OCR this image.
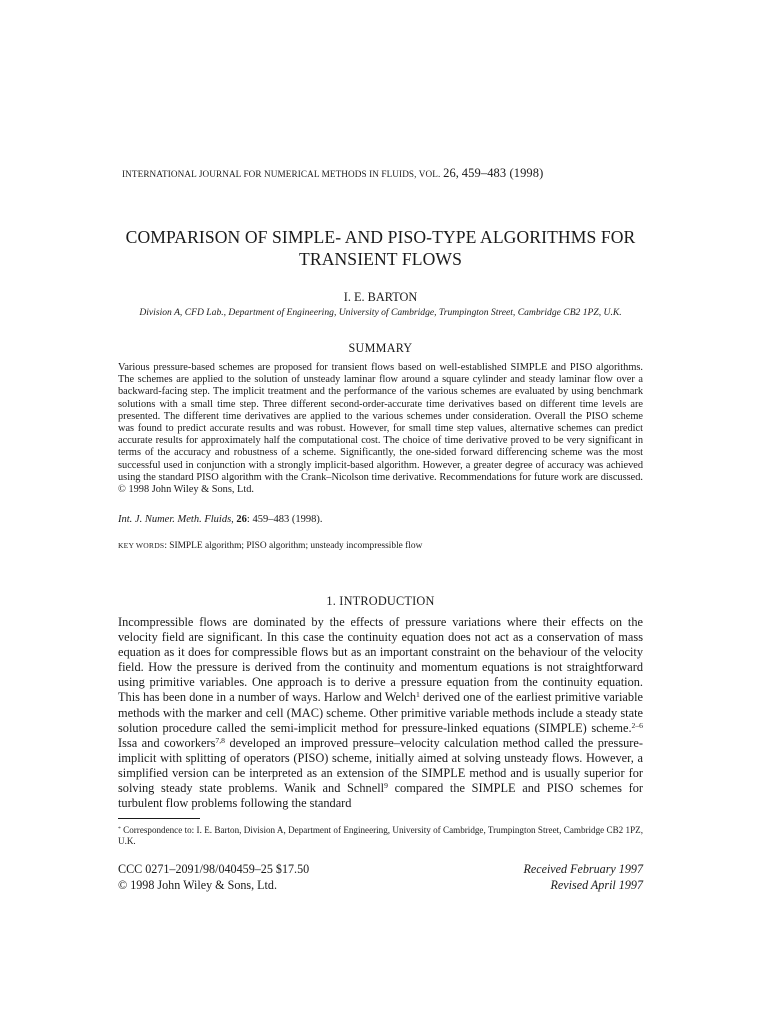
INTERNATIONAL JOURNAL FOR NUMERICAL METHODS IN FLUIDS, VOL. 26, 459–483 (1998)
COMPARISON OF SIMPLE- AND PISO-TYPE ALGORITHMS FOR
TRANSIENT FLOWS
I. E. BARTON
Division A, CFD Lab., Department of Engineering, University of Cambridge, Trumpington Street, Cambridge CB2 1PZ, U.K.
SUMMARY
Various pressure-based schemes are proposed for transient flows based on well-established SIMPLE and PISO algorithms. The schemes are applied to the solution of unsteady laminar flow around a square cylinder and steady laminar flow over a backward-facing step. The implicit treatment and the performance of the various schemes are evaluated by using benchmark solutions with a small time step. Three different second-order-accurate time derivatives based on different time levels are presented. The different time derivatives are applied to the various schemes under consideration. Overall the PISO scheme was found to predict accurate results and was robust. However, for small time step values, alternative schemes can predict accurate results for approximately half the computational cost. The choice of time derivative proved to be very significant in terms of the accuracy and robustness of a scheme. Significantly, the one-sided forward differencing scheme was the most successful used in conjunction with a strongly implicit-based algorithm. However, a greater degree of accuracy was achieved using the standard PISO algorithm with the Crank–Nicolson time derivative. Recommendations for future work are discussed. © 1998 John Wiley & Sons, Ltd.
Int. J. Numer. Meth. Fluids, 26: 459–483 (1998).
KEY WORDS: SIMPLE algorithm; PISO algorithm; unsteady incompressible flow
1. INTRODUCTION

Incompressible flows are dominated by the effects of pressure variations where their effects on the velocity field are significant. In this case the continuity equation does not act as a conservation of mass equation as it does for compressible flows but as an important constraint on the behaviour of the velocity field. How the pressure is derived from the continuity and momentum equations is not straightforward using primitive variables. One approach is to derive a pressure equation from the continuity equation. This has been done in a number of ways. Harlow and Welch$^1$ derived one of the earliest primitive variable methods with the marker and cell (MAC) scheme. Other primitive variable methods include a steady state solution procedure called the semi-implicit method for pressure-linked equations (SIMPLE) scheme.$^{2-6}$ Issa and coworkers$^{7,8}$ developed an improved pressure–velocity calculation method called the pressure-implicit with splitting of operators (PISO) scheme, initially aimed at solving unsteady flows. However, a simplified version can be interpreted as an extension of the SIMPLE method and is usually superior for solving steady state problems. Wanik and Schnell$^9$ compared the SIMPLE and PISO schemes for turbulent flow problems following the standard

* Correspondence to: I. E. Barton, Division A, Department of Engineering, University of Cambridge, Trumpington Street, Cambridge CB2 1PZ, U.K.
CCC 0271–2091/98/040459–25 $17.50
© 1998 John Wiley & Sons, Ltd.
Received February 1997
Revised April 1997
